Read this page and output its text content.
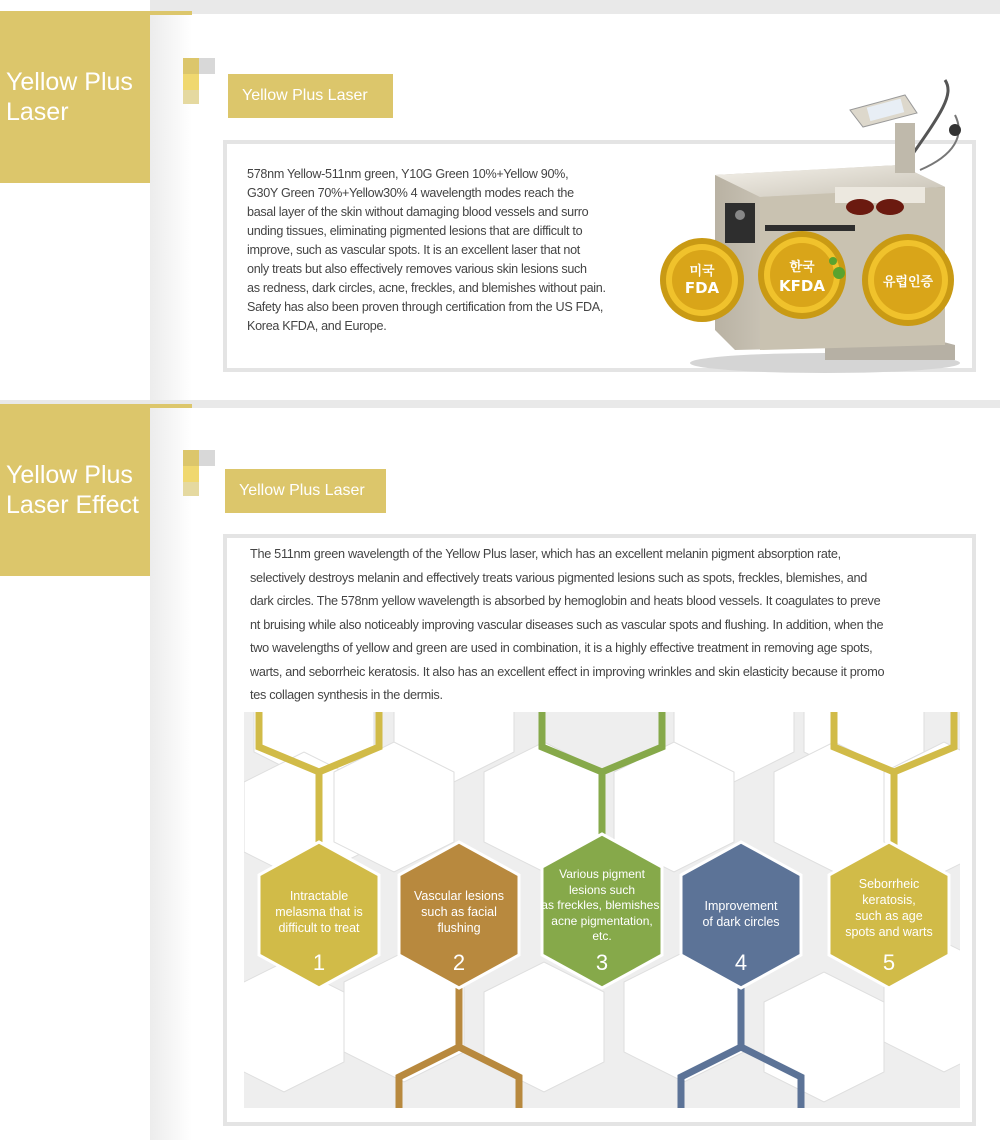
Yellow Plus Laser
Yellow Plus Laser
578nm Yellow-511nm green, Y10G Green 10%+Yellow 90%,
G30Y Green 70%+Yellow30% 4 wavelength modes reach the
basal layer of the skin without damaging blood vessels and surro
unding tissues, eliminating pigmented lesions that are difficult to
improve, such as vascular spots. It is an excellent laser that not
only treats but also effectively removes various skin lesions such
as redness, dark circles, acne, freckles, and blemishes without pain.
Safety has also been proven through certification from the US FDA,
Korea KFDA, and Europe.
미국
FDA
한국
KFDA	유럽인증
Yellow Plus Laser Effect
Yellow Plus Laser
The 511nm green wavelength of the Yellow Plus laser, which has an excellent melanin pigment absorption rate,
selectively destroys melanin and effectively treats various pigmented lesions such as spots, freckles, blemishes, and
dark circles. The 578nm yellow wavelength is absorbed by hemoglobin and heats blood vessels. It coagulates to preve
nt bruising while also noticeably improving vascular diseases such as vascular spots and flushing. In addition, when the
two wavelengths of yellow and green are used in combination, it is a highly effective treatment in removing age spots,
warts, and seborrheic keratosis. It also has an excellent effect in improving wrinkles and skin elasticity because it promo
tes collagen synthesis in the dermis.
Intractable
melasma that is
difficult to treat
1
Vascular lesions
such as facial
flushing
2
Various pigment
lesions such
as freckles, blemishes,
acne pigmentation,
etc.
3
Improvement
of dark circles
4
Seborrheic
keratosis,
such as age
spots and warts
5
